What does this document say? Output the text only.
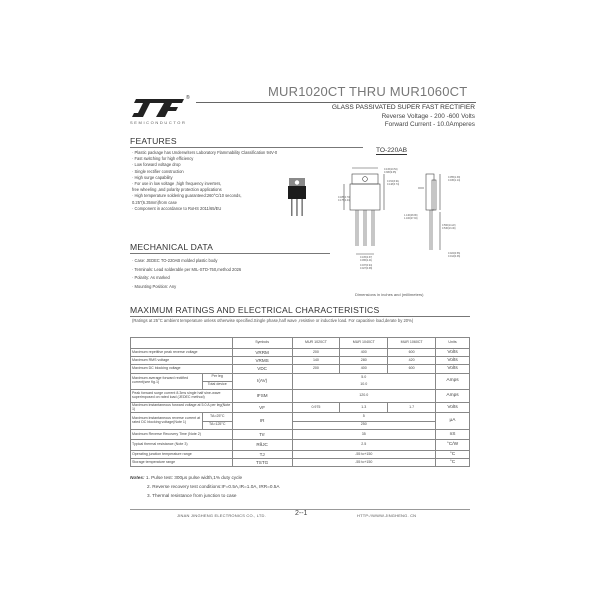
®
SEMICONDUCTOR
MUR1020CT THRU MUR1060CT
GLASS PASSIVATED SUPER FAST RECTIFIER
Reverse Voltage - 200 -600 Volts
Forward Current - 10.0Amperes
FEATURES
· Plastic package has Underwriters Laboratory Flammability Classification 94V-0
· Fast switching for high efficiency
· Low forward voltage drop
· Single rectifier construction
· High surge capability
· For use in low voltage ,high frequency inverters,
free wheeling ,and polarity protection applications
· High temperature soldering guaranteed:260°C/10 seconds,
0.25"(6.35mm)from case
· Component in accordance to RoHS 2011/65/EU
TO-220AB
0.415(10.54)
0.380(9.65)
0.185(4.70)
0.175(4.44)
0.154(3.91)
0.148(3.74)
0.055(1.39)
0.045(1.14)
1.140(28.96)
1.100(27.94)
0.560(14.22)
0.530(13.46)
0.105(2.67)
0.095(2.41)
0.022(0.56)
0.014(0.36)
0.037(0.94)
0.027(0.68)
Dimensions in inches and (millimeters)
MECHANICAL DATA
· Case: JEDEC TO-220AB molded plastic body
· Terminals: Lead solderable per MIL-STD-750,method 2026
· Polarity: As marked
· Mounting Position: Any
MAXIMUM RATINGS AND ELECTRICAL CHARACTERISTICS
(Ratings at 25°C ambient temperature unless otherwise specified.Single phase,half wave ,resistive or inductive load. For capacitive load,derate by 20%)
		Symbols	MUR 1020CT	MUR 1040CT	MUR 1060CT	Units
Maximum repetitive peak reverse voltage		VRRM	200	400	600	Volts
Maximum RMS voltage		VRMS	140	280	420	Volts
Maximum DC blocking voltage		VDC	200	400	600	Volts
Maximum average forward rectified current(see fig.1)	Per leg	I(AV)	5.0			Amps
	Total device		10.0			
Peak forward surge current 8.3ms single half sine-wave superimposed on rated load (JEDEC method)		IFSM	120.0			Amps
Maximum instantaneous forward voltage at 5.0 A per leg(Note 1)		VF	0.975	1.3	1.7	Volts
Maximum instantaneous reverse current at rated DC blocking voltage(Note 1)	TA=25°C	IR	5			μA
	TA=125°C		250			
Maximum Reverse Recovery Time (Note 2)		Trr	35			nS
Typical thermal resistance (Note 3)		RθJC	2.5			°C/W
Operating junction temperature range		TJ	-55 to+150			°C
Storage temperature range		TSTG	-55 to+150			°C
Notes: 1. Pulse test: 300μs pulse width,1% duty cycle
2. Reverse recovery test conditions:IF=0.5A,IR=1.0A, IRR=0.5A
3. Thermal resistance from junction to case
JINAN JINGHENG ELECTRONICS CO., LTD.	2--1	HTTP://WWW.JINGHENG. CN
